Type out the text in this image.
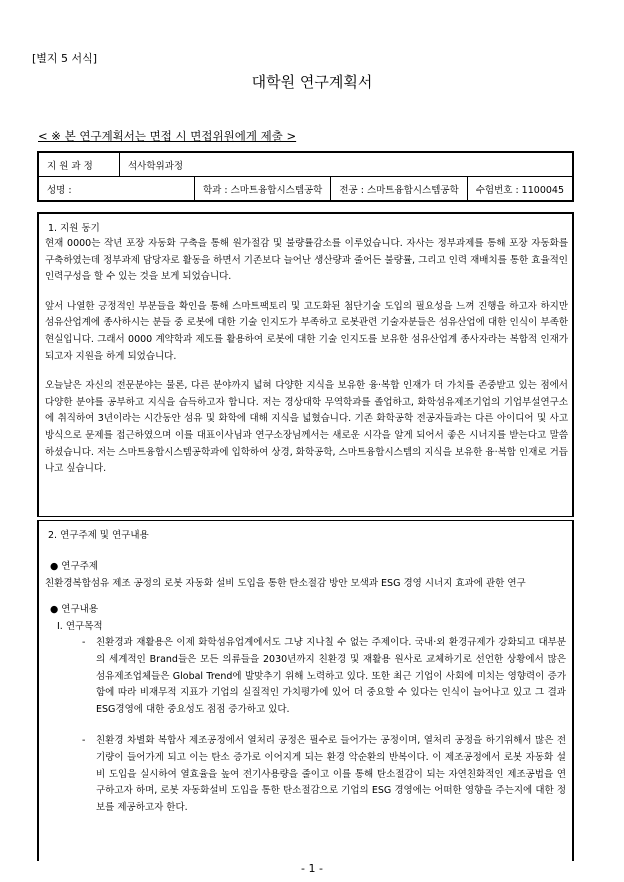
[별지 5 서식]
대학원 연구계획서
< ※ 본 연구계획서는 면접 시 면접위원에게 제출 >
지 원 과 정	석사학위과정			
성명 :		학과 : 스마트융합시스템공학	전공 : 스마트융합시스템공학	수험번호 : 1100045
1. 지원 동기
현재 0000는 작년 포장 자동화 구축을 통해 원가절감 및 불량률감소를 이루었습니다. 자사는 정부과제를 통해 포장 자동화를 구축하였는데 정부과제 담당자로 활동을 하면서 기존보다 늘어난 생산량과 줄어든 불량률, 그리고 인력 재배치를 통한 효율적인 인력구성을 할 수 있는 것을 보게 되었습니다.
앞서 나열한 긍정적인 부분들을 확인을 통해 스마트팩토리 및 고도화된 첨단기술 도입의 필요성을 느껴 진행을 하고자 하지만 섬유산업계에 종사하시는 분들 중 로봇에 대한 기술 인지도가 부족하고 로봇관련 기술자분들은 섬유산업에 대한 인식이 부족한 현실입니다. 그래서 0000 계약학과 제도를 활용하여 로봇에 대한 기술 인지도를 보유한 섬유산업계 종사자라는 복합적 인재가 되고자 지원을 하게 되었습니다.
오늘날은 자신의 전문분야는 물론, 다른 분야까지 넓혀 다양한 지식을 보유한 융·복합 인재가 더 가치를 존중받고 있는 점에서 다양한 분야를 공부하고 지식을 습득하고자 합니다. 저는 경상대학 무역학과를 졸업하고, 화학섬유제조기업의 기업부설연구소에 취직하여 3년이라는 시간동안 섬유 및 화학에 대해 지식을 넓혔습니다. 기존 화학공학 전공자들과는 다른 아이디어 및 사고방식으로 문제를 접근하였으며 이를 대표이사님과 연구소장님께서는 새로운 시각을 알게 되어서 좋은 시너지를 받는다고 말씀하셨습니다. 저는 스마트융합시스템공학과에 입학하여 상경, 화학공학, 스마트융합시스템의 지식을 보유한 융·복합 인재로 거듭나고 싶습니다.
2. 연구주제 및 연구내용
● 연구주제
친환경복합섬유 제조 공정의 로봇 자동화 설비 도입을 통한 탄소절감 방안 모색과 ESG 경영 시너지 효과에 관한 연구
● 연구내용
Ⅰ. 연구목적
-	친환경과 재활용은 이제 화학섬유업계에서도 그냥 지나칠 수 없는 주제이다. 국내·외 환경규제가 강화되고 대부분의 세계적인 Brand들은 모든 의류들을 2030년까지 친환경 및 재활용 원사로 교체하기로 선언한 상황에서 많은 섬유제조업체들은 Global Trend에 발맞추기 위해 노력하고 있다. 또한 최근 기업이 사회에 미치는 영향력이 증가함에 따라 비재무적 지표가 기업의 실질적인 가치평가에 있어 더 중요할 수 있다는 인식이 늘어나고 있고 그 결과 ESG경영에 대한 중요성도 점점 증가하고 있다.
-	친환경 차별화 복합사 제조공정에서 열처리 공정은 필수로 들어가는 공정이며, 열처리 공정을 하기위해서 많은 전기량이 들어가게 되고 이는 탄소 증가로 이어지게 되는 환경 악순환의 반복이다. 이 제조공정에서 로봇 자동화 설비 도입을 실시하여 열효율을 높여 전기사용량을 줄이고 이를 통해 탄소절감이 되는 자연친화적인 제조공법을 연구하고자 하며, 로봇 자동화설비 도입을 통한 탄소절감으로 기업의 ESG 경영에는 어떠한 영향을 주는지에 대한 정보를 제공하고자 한다.
- 1 -
